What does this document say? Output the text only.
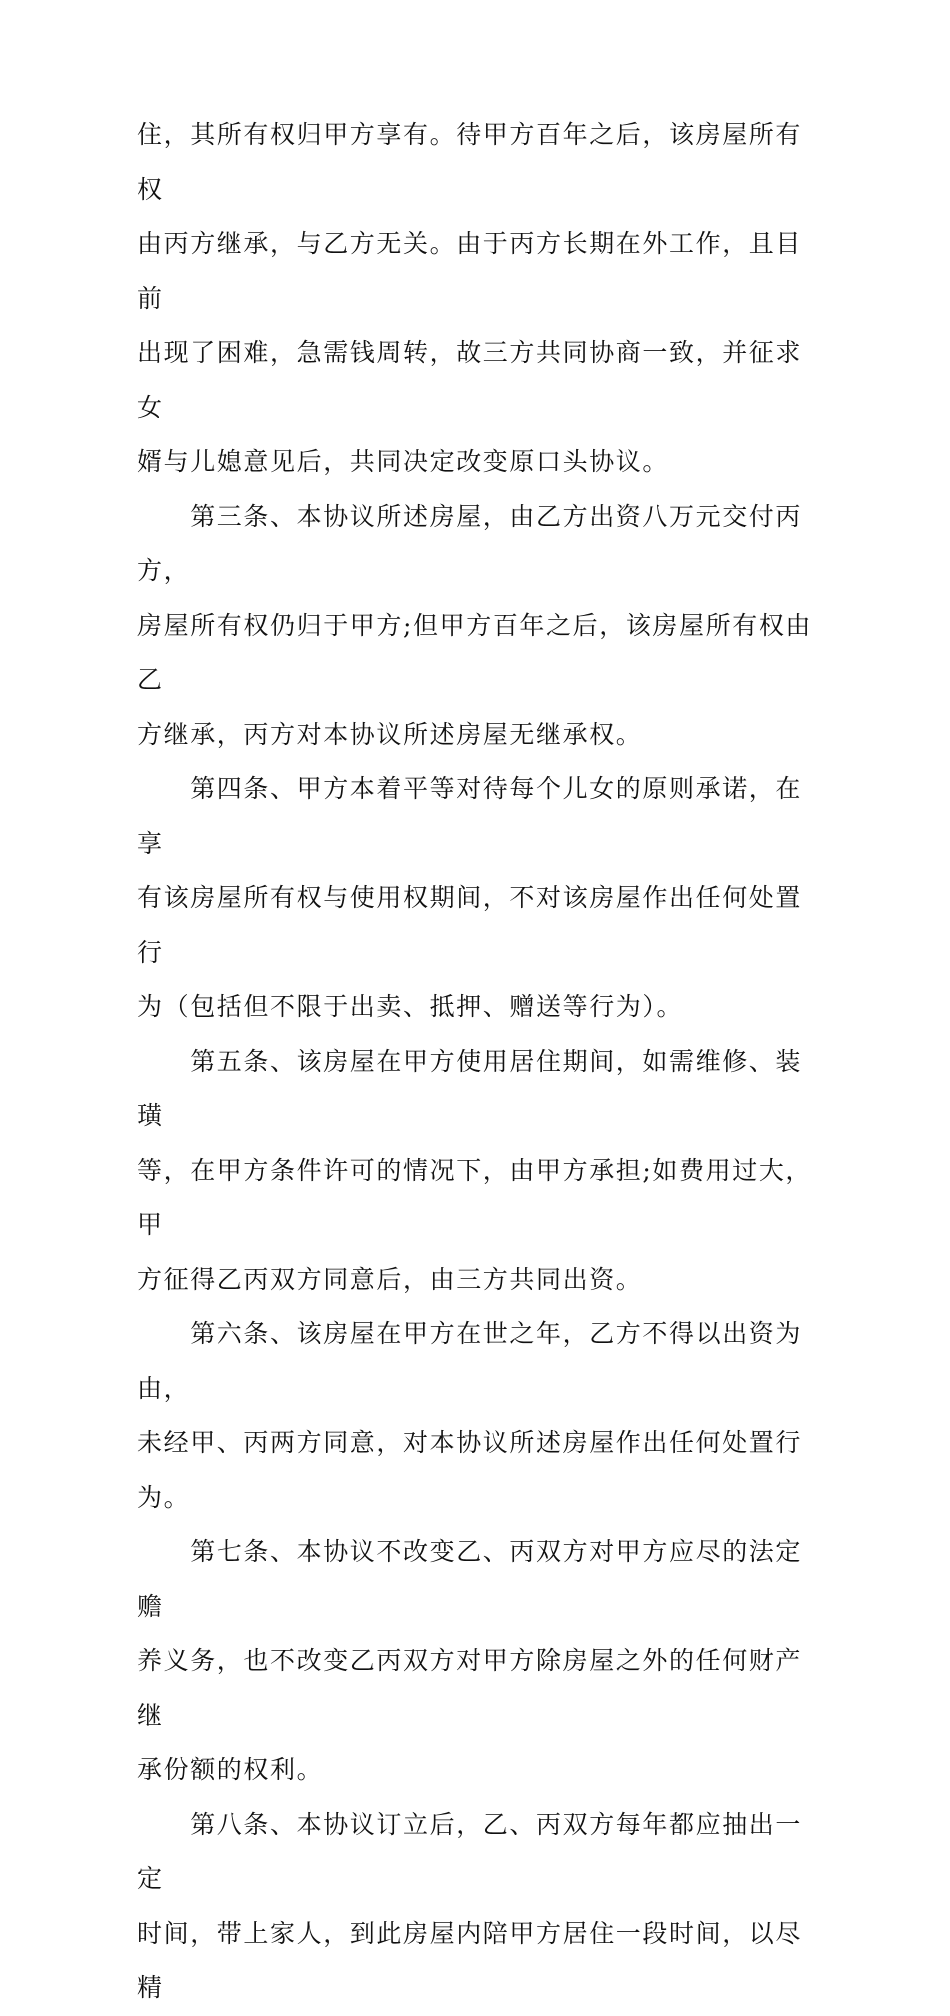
住，其所有权归甲方享有。待甲方百年之后，该房屋所有权
由丙方继承，与乙方无关。由于丙方长期在外工作，且目前
出现了困难，急需钱周转，故三方共同协商一致，并征求女
婿与儿媳意见后，共同决定改变原口头协议。

　　第三条、本协议所述房屋，由乙方出资八万元交付丙方，
房屋所有权仍归于甲方;但甲方百年之后，该房屋所有权由乙
方继承，丙方对本协议所述房屋无继承权。

　　第四条、甲方本着平等对待每个儿女的原则承诺，在享
有该房屋所有权与使用权期间，不对该房屋作出任何处置行
为（包括但不限于出卖、抵押、赠送等行为）。

　　第五条、该房屋在甲方使用居住期间，如需维修、装璜
等，在甲方条件许可的情况下，由甲方承担;如费用过大，甲
方征得乙丙双方同意后，由三方共同出资。

　　第六条、该房屋在甲方在世之年，乙方不得以出资为由，
未经甲、丙两方同意，对本协议所述房屋作出任何处置行为。

　　第七条、本协议不改变乙、丙双方对甲方应尽的法定赡
养义务，也不改变乙丙双方对甲方除房屋之外的任何财产继
承份额的权利。

　　第八条、本协议订立后，乙、丙双方每年都应抽出一定
时间，带上家人，到此房屋内陪甲方居住一段时间，以尽精
